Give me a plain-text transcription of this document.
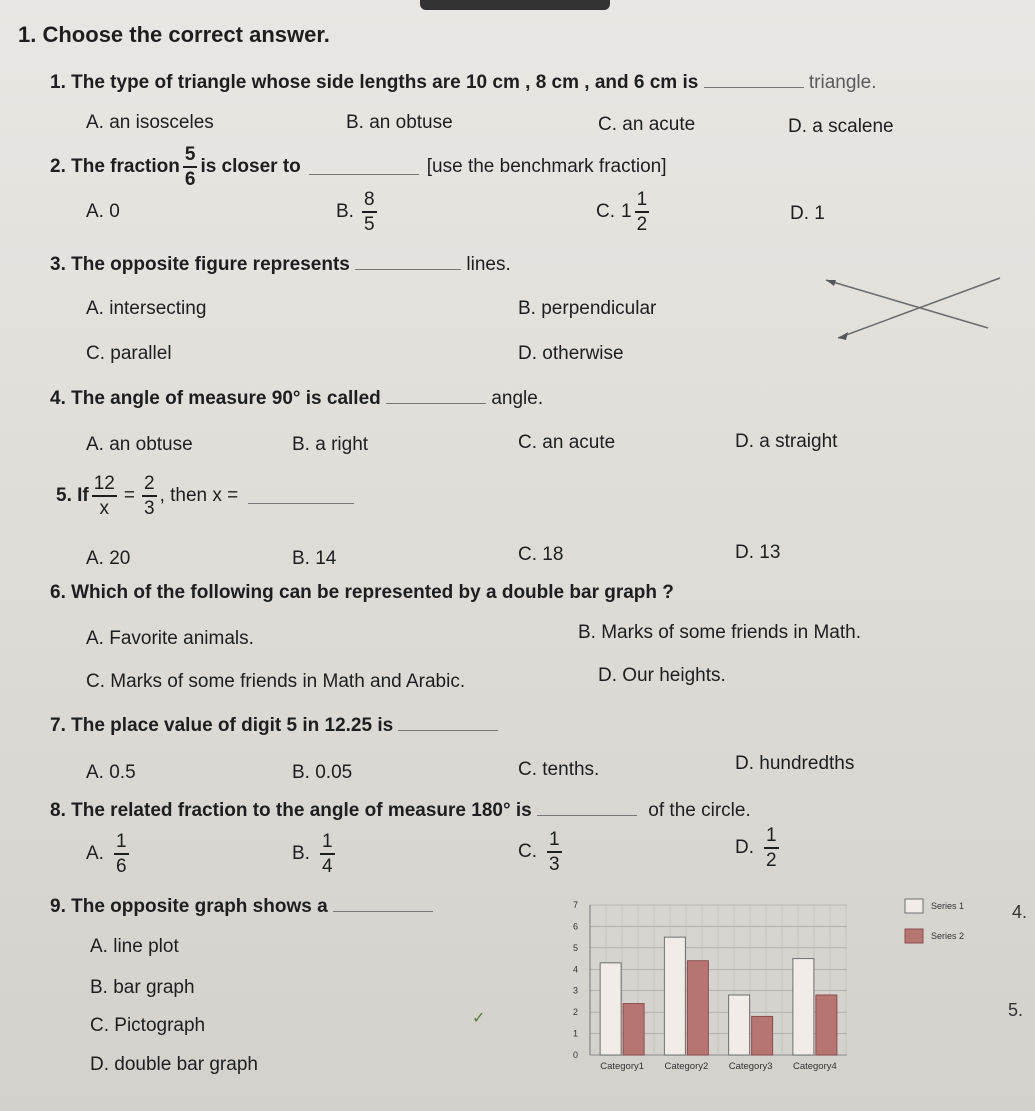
1. Choose the correct answer.
1. The type of triangle whose side lengths are 10 cm , 8 cm , and 6 cm is	triangle.
A. an isosceles	B. an obtuse	C. an acute	D. a scalene
2. The fraction $\frac{5}{6}$ is closer to	[use the benchmark fraction]
A. 0	B. $\frac{8}{5}$	C. $1 \frac{1}{2}$	D. 1
3. The opposite figure represents	lines.
A. intersecting	B. perpendicular
C. parallel	D. otherwise
4. The angle of measure 90° is called	angle.
A. an obtuse	B. a right	C. an acute	D. a straight
5. If $\frac{12}{x} = \frac{2}{3}$ , then x =
A. 20	B. 14	C. 18	D. 13
6. Which of the following can be represented by a double bar graph ?
A. Favorite animals.	B. Marks of some friends in Math.
C. Marks of some friends in Math and Arabic.	D. Our heights.
7. The place value of digit 5 in 12.25 is
A. 0.5	B. 0.05	C. tenths.	D. hundredths
8. The related fraction to the angle of measure 180° is	of the circle.
A. $\frac{1}{6}$	B. $\frac{1}{4}$	C. $\frac{1}{3}$	D. $\frac{1}{2}$
9. The opposite graph shows a
A. line plot
B. bar graph
C. Pictograph
D. double bar graph
✓
0
1
2
3
4
5
6
7
Category1 Category2 Category3 Category4
Series 1
Series 2
4.
5.
